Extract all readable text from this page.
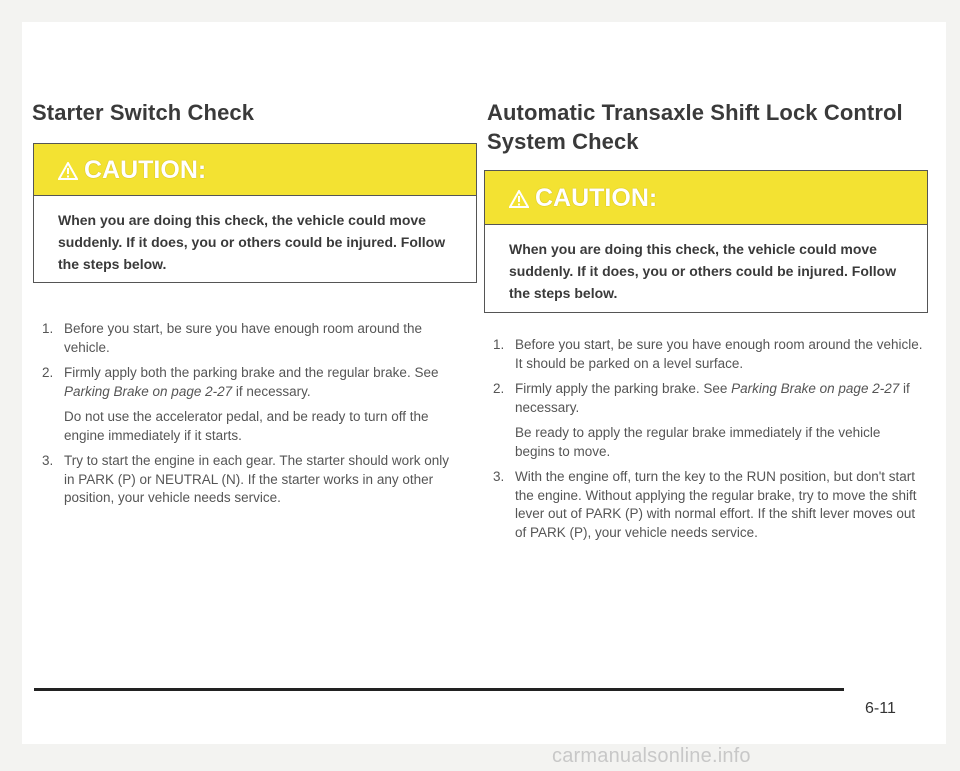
Starter Switch Check
CAUTION:
When you are doing this check, the vehicle could move suddenly. If it does, you or others could be injured. Follow the steps below.
1. Before you start, be sure you have enough room around the vehicle.

2. Firmly apply both the parking brake and the regular brake. See Parking Brake on page 2-27 if necessary.

Do not use the accelerator pedal, and be ready to turn off the engine immediately if it starts.

3. Try to start the engine in each gear. The starter should work only in PARK (P) or NEUTRAL (N). If the starter works in any other position, your vehicle needs service.

Automatic Transaxle Shift Lock Control
System Check
CAUTION:
When you are doing this check, the vehicle could move suddenly. If it does, you or others could be injured. Follow the steps below.
1. Before you start, be sure you have enough room around the vehicle. It should be parked on a level surface.

2. Firmly apply the parking brake. See Parking Brake on page 2-27 if necessary.

Be ready to apply the regular brake immediately if the vehicle begins to move.

3. With the engine off, turn the key to the RUN position, but don't start the engine. Without applying the regular brake, try to move the shift lever out of PARK (P) with normal effort. If the shift lever moves out of PARK (P), your vehicle needs service.

6-11
carmanualsonline.info
